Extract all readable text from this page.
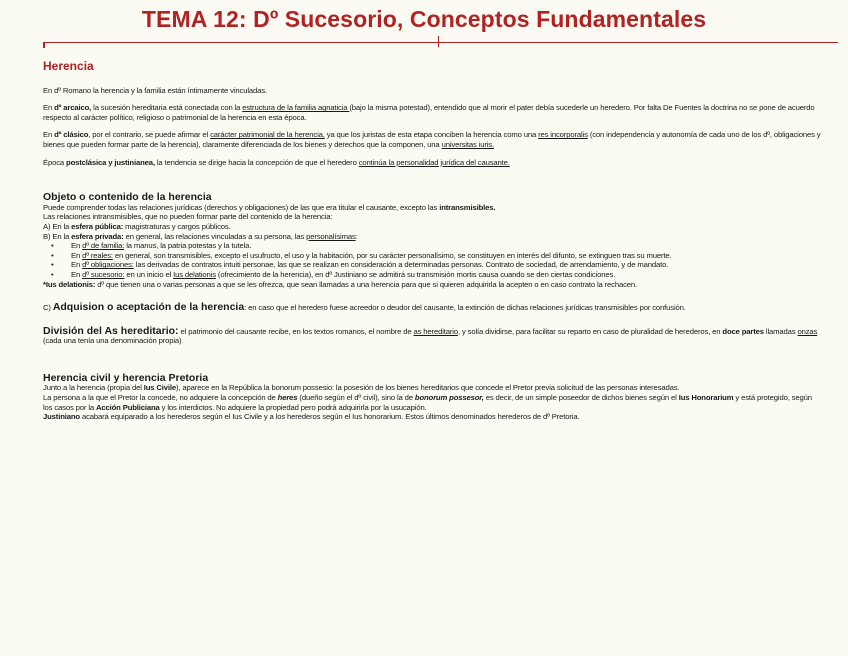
TEMA 12: Dº Sucesorio, Conceptos Fundamentales
Herencia

En dº Romano la herencia y la familia están íntimamente vinculadas.

En dº arcaico, la sucesión hereditaria está conectada con la estructura de la familia agnaticia (bajo la misma potestad), entendido que al morir el pater debía sucederle un heredero. Por falta De Fuentes la doctrina no se pone de acuerdo respecto al carácter político, religioso o patrimonial de la herencia en esta época.

En dº clásico, por el contrario, se puede afirmar el carácter patrimonial de la herencia, ya que los juristas de esta etapa conciben la herencia como una res incorporalis (con independencia y autonomía de cada uno de los dº, obligaciones y bienes que pueden formar parte de la herencia), claramente diferenciada de los bienes y derechos que la componen, una universitas iuris.

Época postclásica y justinianea, la tendencia se dirige hacia la concepción de que el heredero continúa la personalidad jurídica del causante.

Objeto o contenido de la herencia
Puede comprender todas las relaciones jurídicas (derechos y obligaciones) de las que era titular el causante, excepto las intransmisibles.
Las relaciones intransmisibles, que no pueden formar parte del contenido de la herencia:
A) En la esfera pública: magistraturas y cargos públicos.
B) En la esfera privada: en general, las relaciones vinculadas a su persona, las personalísimas:
• En dº de familia: la manus, la patria potestas y la tutela.
• En dº reales: en general, son transmisibles, excepto el usufructo, el uso y la habitación, por su carácter personalísimo, se constituyen en interés del difunto, se extinguen tras su muerte.
• En dº obligaciones: las derivadas de contratos intuiti personae, las que se realizan en consideración a determinadas personas. Contrato de sociedad, de arrendamiento, y de mandato.
• En dº sucesorio: en un inicio el Ius delationis (ofrecimiento de la herencia), en dº Justiniano se admitirá su transmisión mortis causa cuando se den ciertas condiciones.
*Ius delationis: dº que tienen una o varias personas a que se les ofrezca, que sean llamadas a una herencia para que si quieren adquirirla la acepten o en caso contrato la rechacen.

C) Adquision o aceptación de la herencia: en caso que el heredero fuese acreedor o deudor del causante, la extinción de dichas relaciones jurídicas transmisibles por confusión.

División del As hereditario: el patrimonio del causante recibe, en los textos romanos, el nombre de as hereditario, y solía dividirse, para facilitar su reparto en caso de pluralidad de herederos, en doce partes llamadas onzas (cada una tenía una denominación propia)

Herencia civil y herencia Pretoria
Junto a la herencia (propia del Ius Civile), aparece en la República la bonorum possesio: la posesión de los bienes hereditarios que concede el Pretor previa solicitud de las personas interesadas.
La persona a la que el Pretor la concede, no adquiere la concepción de heres (dueño según el dº civil), sino la de bonorum possesor, es decir, de un simple poseedor de dichos bienes según el Ius Honorarium y está protegido, según los casos por la Acción Publiciana y los interdictos. No adquiere la propiedad pero podrá adquirirla por la usucapión.
Justiniano acabará equiparado a los herederos según el Ius Civile y a los herederos según el Ius honorarium. Estos últimos denominados herederos de dº Pretoria.
